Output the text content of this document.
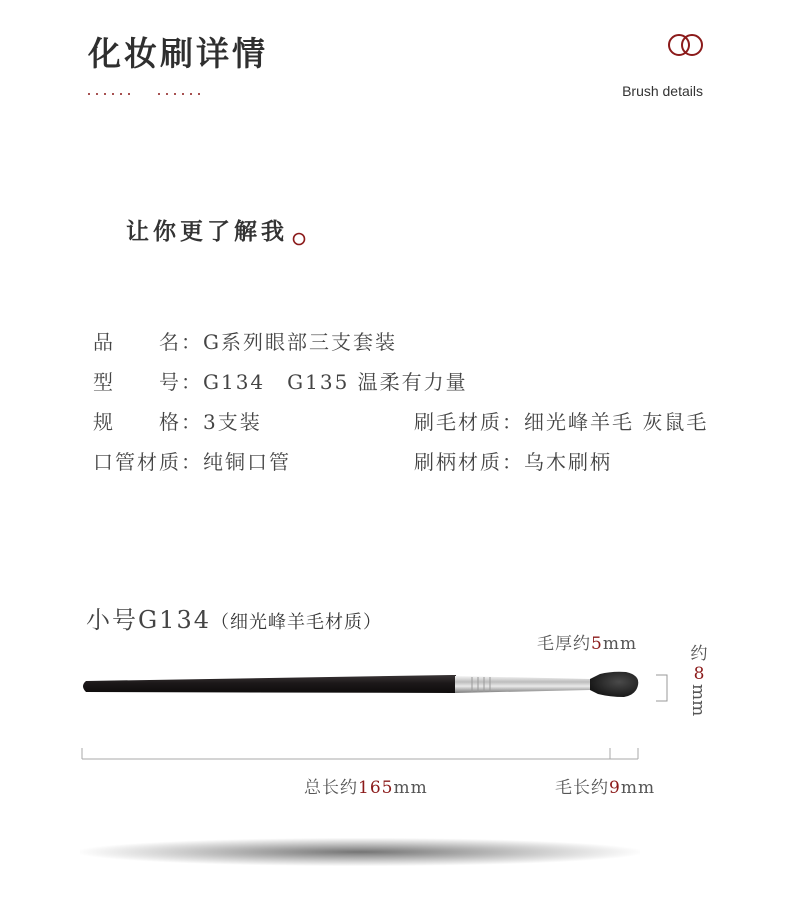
化妆刷详情
Brush details
让你更了解我
品　　名：G系列眼部三支套装
型　　号：G134　G135 温柔有力量
规　　格：3支装	刷毛材质：细光峰羊毛 灰鼠毛
口管材质：纯铜口管	刷柄材质：乌木刷柄
小号G134（细光峰羊毛材质）
毛厚约5mm	约
8
mm
总长约165mm	毛长约9mm
